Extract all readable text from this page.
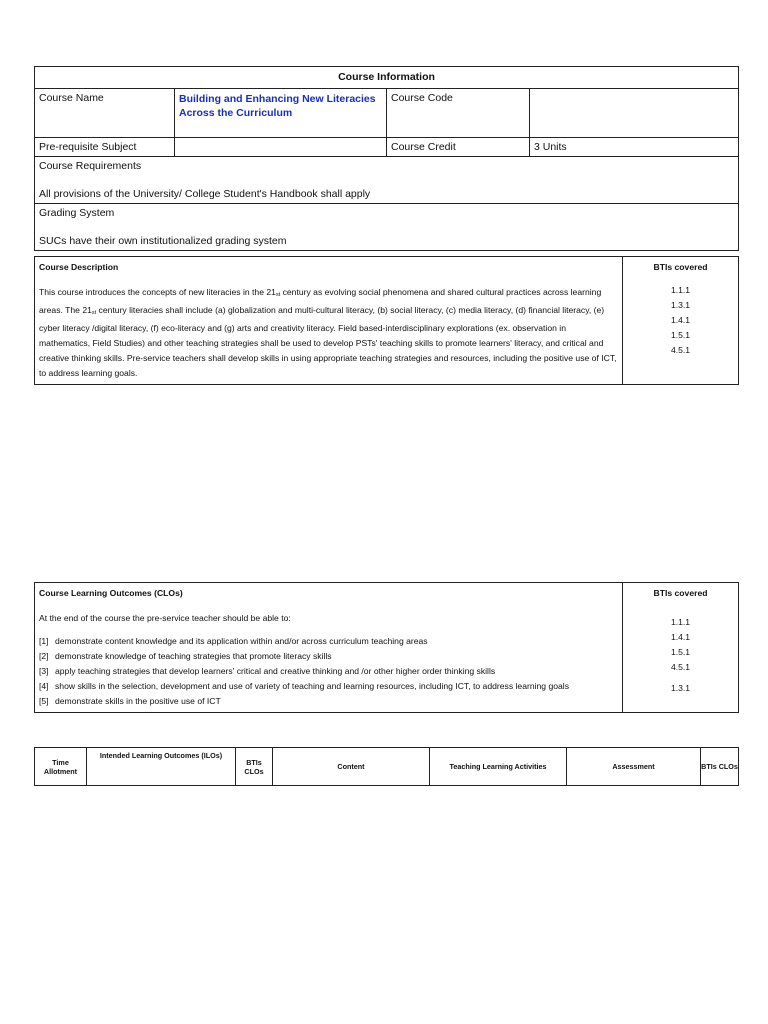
Course Information			
Course Name	Building and Enhancing New Literacies Across the Curriculum	Course Code	
Pre-requisite Subject		Course Credit	3 Units

Course Requirements

All provisions of the University/ College Student's Handbook shall apply			

Grading System

SUCs have their own institutionalized grading system			

Course Description
This course introduces the concepts of new literacies in the $21_{st}$ century as evolving social phenomena and shared cultural practices across learning areas. The $21_{st}$ century literacies shall include (a) globalization and multi-cultural literacy, (b) social literacy, (c) media literacy, (d) financial literacy, (e) cyber literacy /digital literacy, (f) eco-literacy and (g) arts and creativity literacy. Field based-interdisciplinary explorations (ex. observation in mathematics, Field Studies) and other teaching strategies shall be used to develop PSTs' teaching skills to promote learners' literacy, and critical and creative thinking skills. Pre-service teachers shall develop skills in using appropriate teaching strategies and resources, including the positive use of ICT, to address learning goals.

BTIs covered
1.1.1
1.3.1
1.4.1
1.5.1
4.5.1
Course Learning Outcomes (CLOs)
At the end of the course the pre-service teacher should be able to:
[1] demonstrate content knowledge and its application within and/or across curriculum teaching areas
[2] demonstrate knowledge of teaching strategies that promote literacy skills
[3] apply teaching strategies that develop learners' critical and creative thinking and /or other higher order thinking skills
[4] show skills in the selection, development and use of variety of teaching and learning resources, including ICT, to address learning goals
[5] demonstrate skills in the positive use of ICT

BTIs covered
1.1.1
1.4.1
1.5.1
4.5.1
1.3.1
Time Allotment	Intended Learning Outcomes (ILOs)	BTIs CLOs	Content	Teaching Learning Activities	Assessment	BTIs CLOs
